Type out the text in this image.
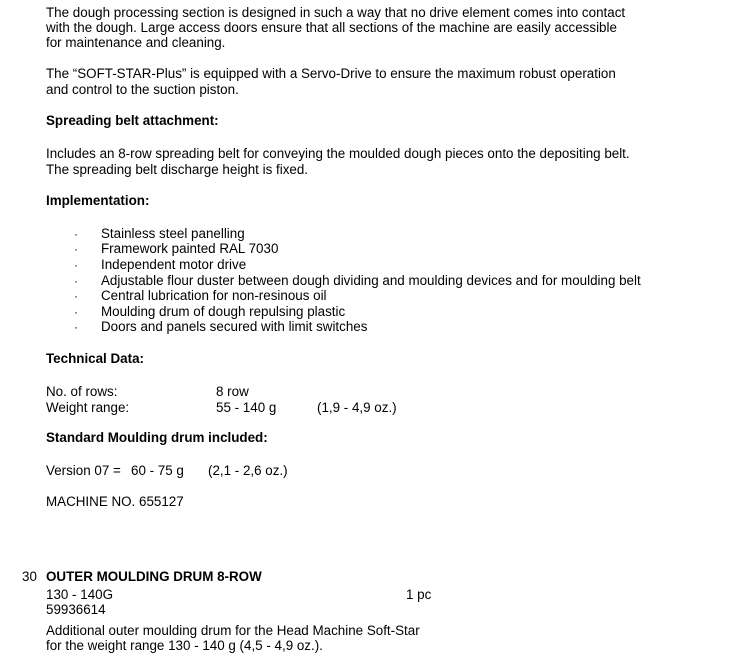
The dough processing section is designed in such a way that no drive element comes into contact
with the dough. Large access doors ensure that all sections of the machine are easily accessible
for maintenance and cleaning.
The “SOFT-STAR-Plus” is equipped with a Servo-Drive to ensure the maximum robust operation
and control to the suction piston.
Spreading belt attachment:
Includes an 8-row spreading belt for conveying the moulded dough pieces onto the depositing belt.
The spreading belt discharge height is fixed.
Implementation:
· Stainless steel panelling
· Framework painted RAL 7030
· Independent motor drive
· Adjustable flour duster between dough dividing and moulding devices and for moulding belt
· Central lubrication for non-resinous oil
· Moulding drum of dough repulsing plastic
· Doors and panels secured with limit switches
Technical Data:
No. of rows:	8 row
Weight range:	55 - 140 g	(1,9 - 4,9 oz.)
Standard Moulding drum included:
Version 07 = 60 - 75 g (2,1 - 2,6 oz.)
MACHINE NO. 655127
30 OUTER MOULDING DRUM 8-ROW
130 - 140G	1 pc
59936614
Additional outer moulding drum for the Head Machine Soft-Star
for the weight range 130 - 140 g (4,5 - 4,9 oz.).
